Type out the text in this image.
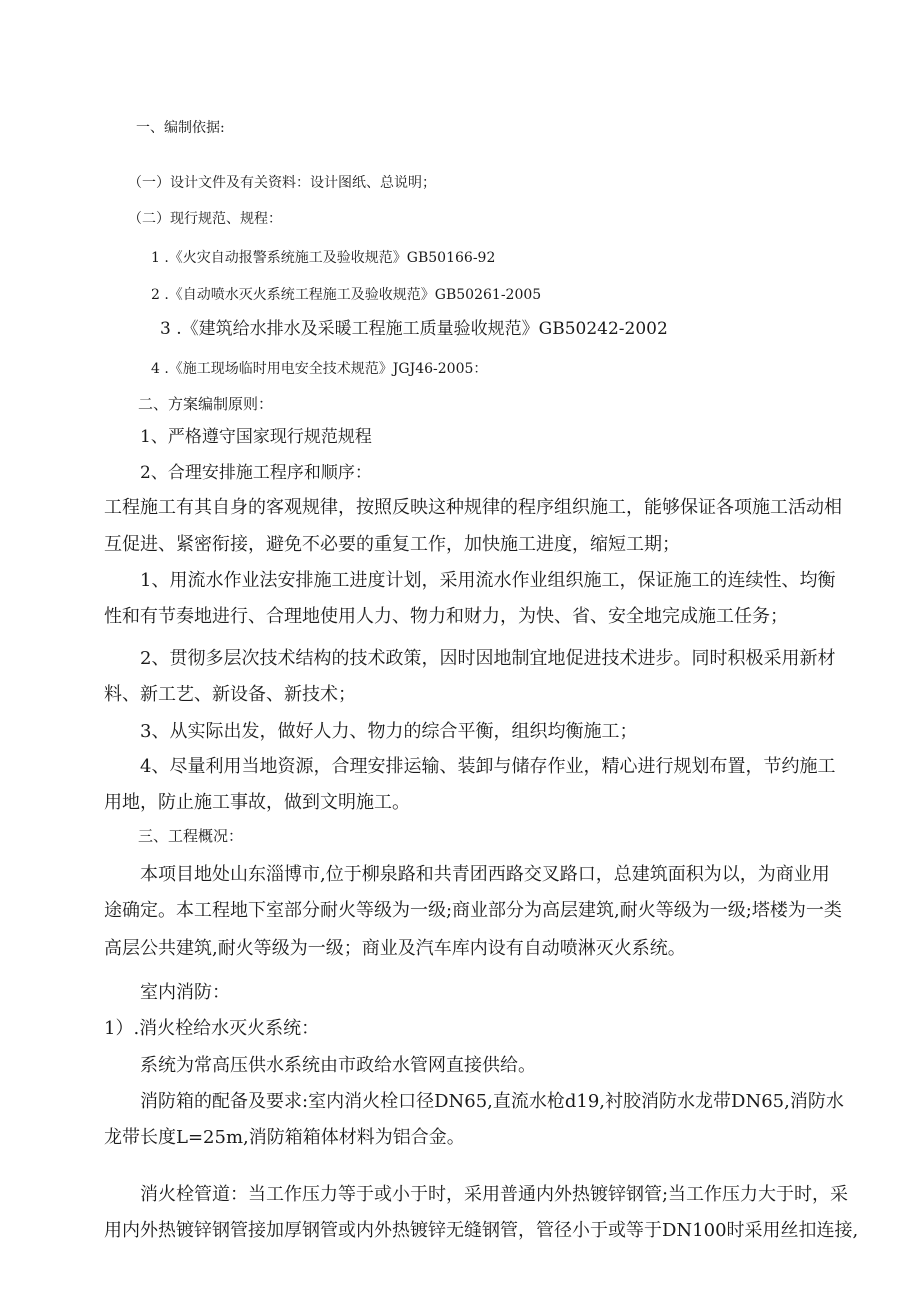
一、编制依据:
（一）设计文件及有关资料：设计图纸、总说明；
（二）现行规范、规程：
1 .《火灾自动报警系统施工及验收规范》GB50166-92
2 .《自动喷水灭火系统工程施工及验收规范》GB50261-2005
3 .《建筑给水排水及采暖工程施工质量验收规范》GB50242-2002
4 .《施工现场临时用电安全技术规范》JGJ46-2005：
二、方案编制原则：
1、严格遵守国家现行规范规程
2、合理安排施工程序和顺序：
工程施工有其自身的客观规律，按照反映这种规律的程序组织施工，能够保证各项施工活动相
互促进、紧密衔接，避免不必要的重复工作，加快施工进度，缩短工期；
1、用流水作业法安排施工进度计划，采用流水作业组织施工，保证施工的连续性、均衡
性和有节奏地进行、合理地使用人力、物力和财力，为快、省、安全地完成施工任务；
2、贯彻多层次技术结构的技术政策，因时因地制宜地促进技术进步。同时积极采用新材
料、新工艺、新设备、新技术；
3、从实际出发，做好人力、物力的综合平衡，组织均衡施工；
4、尽量利用当地资源，合理安排运输、装卸与储存作业，精心进行规划布置，节约施工
用地，防止施工事故，做到文明施工。
三、工程概况：
本项目地处山东淄博市,位于柳泉路和共青团西路交叉路口，总建筑面积为以，为商业用
途确定。本工程地下室部分耐火等级为一级;商业部分为高层建筑,耐火等级为一级;塔楼为一类
高层公共建筑,耐火等级为一级；商业及汽车库内设有自动喷淋灭火系统。
室内消防：
1）.消火栓给水灭火系统：
系统为常高压供水系统由市政给水管网直接供给。
消防箱的配备及要求:室内消火栓口径DN65,直流水枪d19,衬胶消防水龙带DN65,消防水
龙带长度L=25m,消防箱箱体材料为铝合金。
消火栓管道：当工作压力等于或小于时，采用普通内外热镀锌钢管;当工作压力大于时，采
用内外热镀锌钢管接加厚钢管或内外热镀锌无缝钢管，管径小于或等于DN100时采用丝扣连接,
